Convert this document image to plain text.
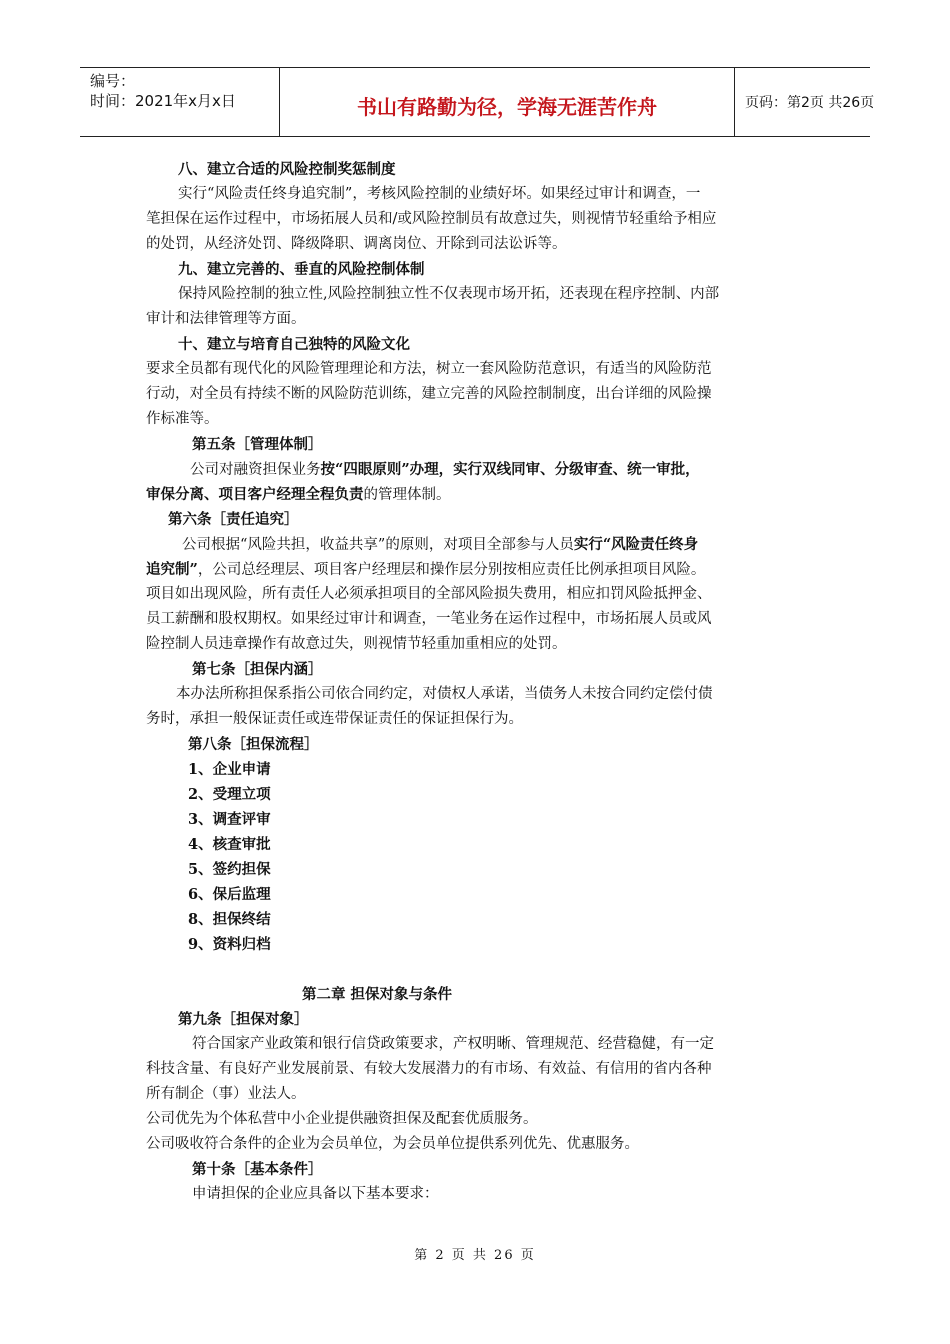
编号：
时间：2021年x月x日	书山有路勤为径，学海无涯苦作舟	页码：第2页 共26页
八、建立合适的风险控制奖惩制度
实行“风险责任终身追究制”，考核风险控制的业绩好坏。如果经过审计和调查，一
笔担保在运作过程中，市场拓展人员和/或风险控制员有故意过失，则视情节轻重给予相应
的处罚，从经济处罚、降级降职、调离岗位、开除到司法讼诉等。
九、建立完善的、垂直的风险控制体制
保持风险控制的独立性,风险控制独立性不仅表现市场开拓，还表现在程序控制、内部
审计和法律管理等方面。
十、建立与培育自己独特的风险文化
要求全员都有现代化的风险管理理论和方法，树立一套风险防范意识，有适当的风险防范
行动，对全员有持续不断的风险防范训练，建立完善的风险控制制度，出台详细的风险操
作标准等。
第五条［管理体制］
公司对融资担保业务按“四眼原则”办理，实行双线同审、分级审查、统一审批，
审保分离、项目客户经理全程负责的管理体制。
第六条［责任追究］
公司根据“风险共担，收益共享”的原则，对项目全部参与人员实行“风险责任终身
追究制”，公司总经理层、项目客户经理层和操作层分别按相应责任比例承担项目风险。
项目如出现风险，所有责任人必须承担项目的全部风险损失费用，相应扣罚风险抵押金、
员工薪酬和股权期权。如果经过审计和调查，一笔业务在运作过程中，市场拓展人员或风
险控制人员违章操作有故意过失，则视情节轻重加重相应的处罚。
第七条［担保内涵］
本办法所称担保系指公司依合同约定，对债权人承诺，当债务人未按合同约定偿付债
务时，承担一般保证责任或连带保证责任的保证担保行为。
第八条［担保流程］
1、企业申请
2、受理立项
3、调查评审
4、核查审批
5、签约担保
6、保后监理
8、担保终结
9、资料归档
第二章 担保对象与条件
第九条［担保对象］
符合国家产业政策和银行信贷政策要求，产权明晰、管理规范、经营稳健，有一定
科技含量、有良好产业发展前景、有较大发展潜力的有市场、有效益、有信用的省内各种
所有制企（事）业法人。
公司优先为个体私营中小企业提供融资担保及配套优质服务。
公司吸收符合条件的企业为会员单位，为会员单位提供系列优先、优惠服务。
第十条［基本条件］
申请担保的企业应具备以下基本要求：
第 2 页 共 26 页
